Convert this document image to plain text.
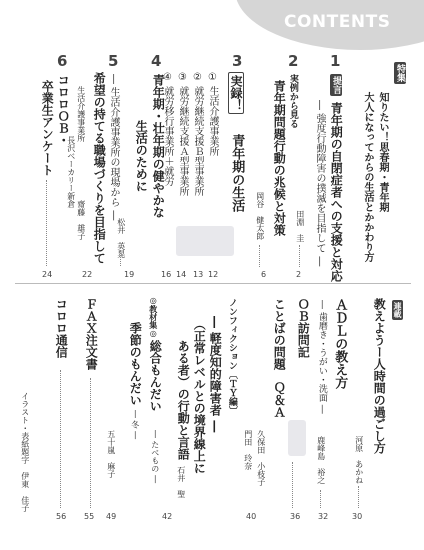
CONTENTS
特集
知りたい！思春期・青年期
大人になってからの生活とかかわり方
1
提言
青年期の自閉症者への支援と対応
― 強度行動障害の撲滅を目指して ―
田淵　圭
2
2
実例から見る
青年期問題行動の兆候と対策
岡谷　健太郎
6
3
実録！
青年期の生活
① 生活介護事業所
② 就労継続支援Ｂ型事業所
③ 就労継続支援Ａ型事業所
④ 就労移行事業所＋就労
16 14 13 12
4
青年期・壮年期の健やかな
生活のために
松井　英晃
19
5
― 生活介護事業所の現場から ―
希望の持てる職場づくりを目指して
生活介護事業所
長沢ベーカリー新倉
齋藤　雄子
22
6
コロロＯＢ・
卒業生アンケート
24
連載
教えようー人時間の過ごし方
河原　あかね
30
ＡＤＬの教え方
― 歯磨き・うがい・洗面 ―
鹿峰島　裕之
32
ＯＢ訪問記
36
ことばの問題　Ｑ＆Ａ
久保田　小枝子
門田　玲奈
40
ノンフィクション〔ＴＹ編〕
― 軽度知的障害者 ―
（正常レベルとの境界線上に
ある者）の行動と言語
石井　聖
42
◎教材集◎
総合もんだい
― たべもの ―
季節のもんだい
― 冬 ―
五十嵐　麻子
49
ＦＡＸ注文書
55
コロロ通信
56
イラスト・表紙題字　伊東　佳子
